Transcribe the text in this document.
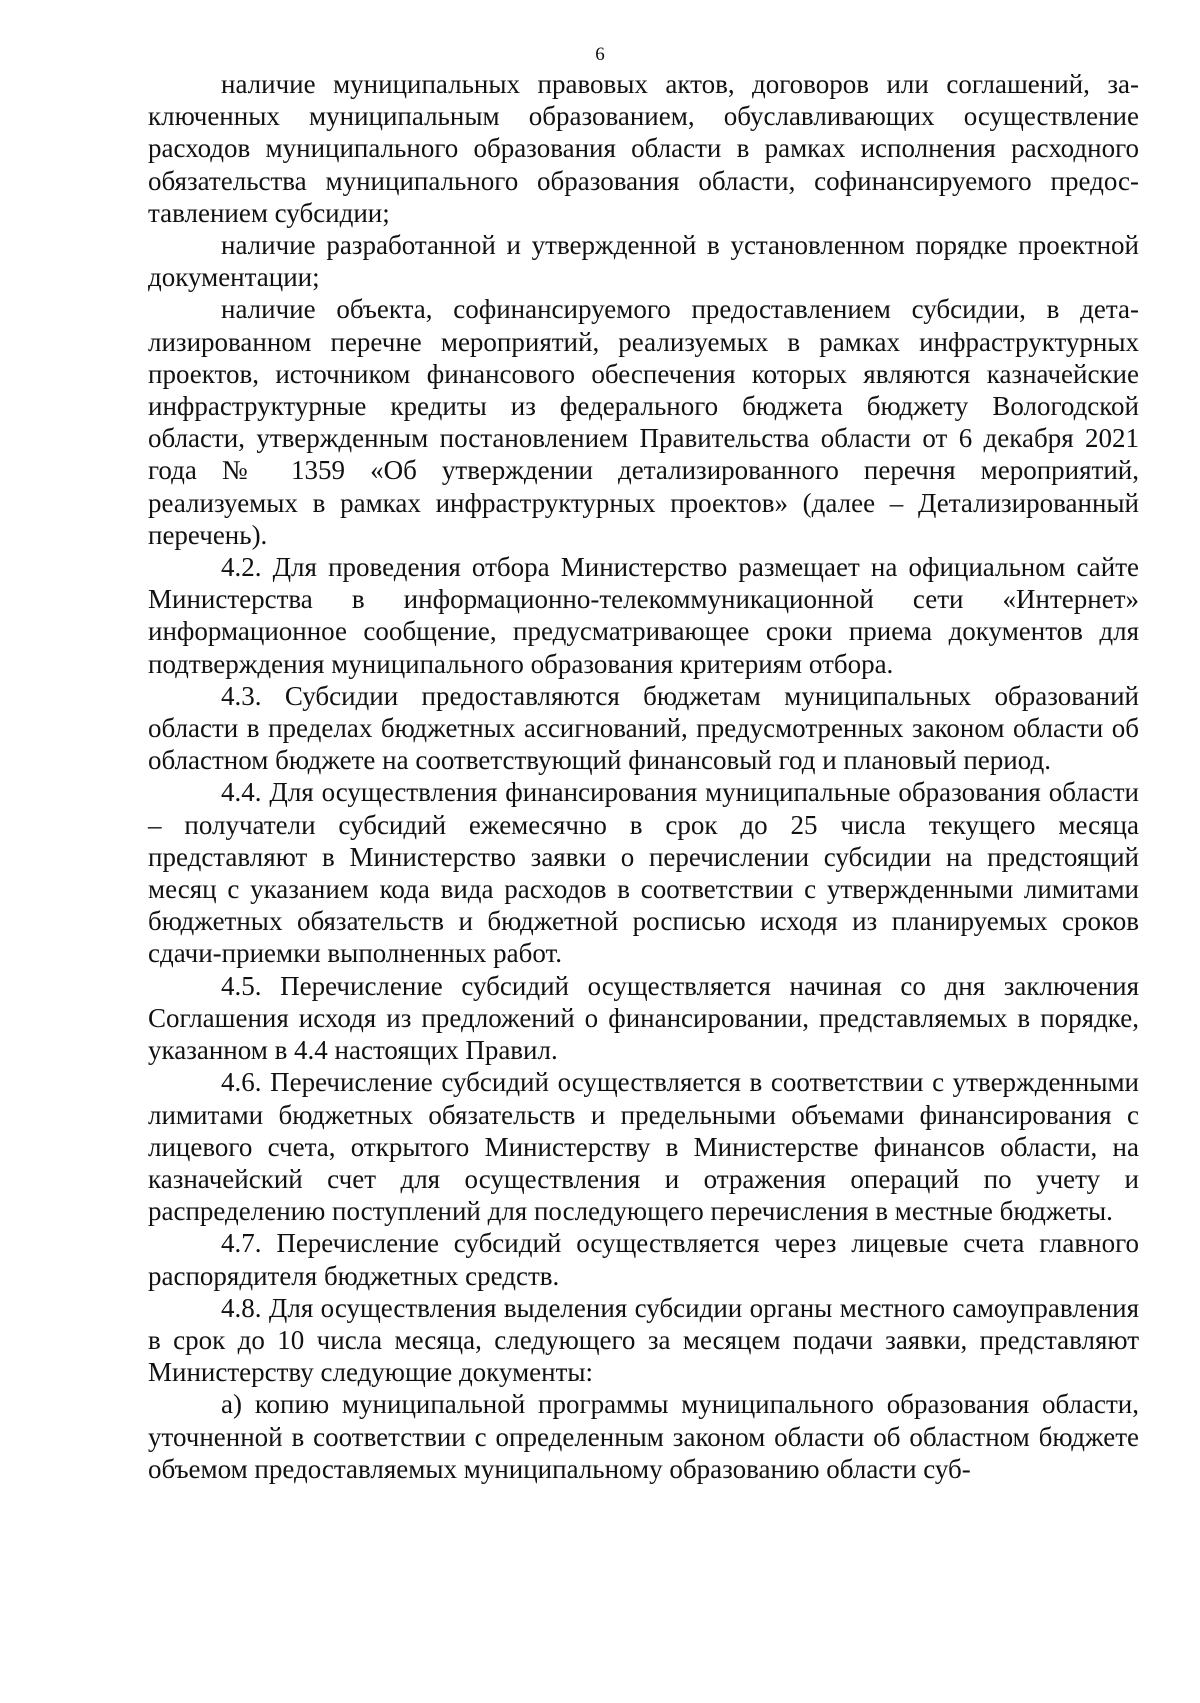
6

наличие муниципальных правовых актов, договоров или соглашений, заключенных муниципальным образованием, обуславливающих осуществление расходов муниципального образования области в рамках исполнения расходного обязательства муниципального образования области, софинансируемого предоставлением субсидии;

наличие разработанной и утвержденной в установленном порядке проектной документации;

наличие объекта, софинансируемого предоставлением субсидии, в детализированном перечне мероприятий, реализуемых в рамках инфраструктурных проектов, источником финансового обеспечения которых являются казначейские инфраструктурные кредиты из федерального бюджета бюджету Вологодской области, утвержденным постановлением Правительства области от 6 декабря 2021 года № 1359 «Об утверждении детализированного перечня мероприятий, реализуемых в рамках инфраструктурных проектов» (далее – Детализированный перечень).

4.2. Для проведения отбора Министерство размещает на официальном сайте Министерства в информационно-телекоммуникационной сети «Интернет» информационное сообщение, предусматривающее сроки приема документов для подтверждения муниципального образования критериям отбора.

4.3. Субсидии предоставляются бюджетам муниципальных образований области в пределах бюджетных ассигнований, предусмотренных законом области об областном бюджете на соответствующий финансовый год и плановый период.

4.4. Для осуществления финансирования муниципальные образования области – получатели субсидий ежемесячно в срок до 25 числа текущего месяца представляют в Министерство заявки о перечислении субсидии на предстоящий месяц с указанием кода вида расходов в соответствии с утвержденными лимитами бюджетных обязательств и бюджетной росписью исходя из планируемых сроков сдачи-приемки выполненных работ.

4.5. Перечисление субсидий осуществляется начиная со дня заключения Соглашения исходя из предложений о финансировании, представляемых в порядке, указанном в 4.4 настоящих Правил.

4.6. Перечисление субсидий осуществляется в соответствии с утвержденными лимитами бюджетных обязательств и предельными объемами финансирования с лицевого счета, открытого Министерству в Министерстве финансов области, на казначейский счет для осуществления и отражения операций по учету и распределению поступлений для последующего перечисления в местные бюджеты.

4.7. Перечисление субсидий осуществляется через лицевые счета главного распорядителя бюджетных средств.

4.8. Для осуществления выделения субсидии органы местного самоуправления в срок до 10 числа месяца, следующего за месяцем подачи заявки, представляют Министерству следующие документы:

а) копию муниципальной программы муниципального образования области, уточненной в соответствии с определенным законом области об областном бюджете объемом предоставляемых муниципальному образованию области суб-
